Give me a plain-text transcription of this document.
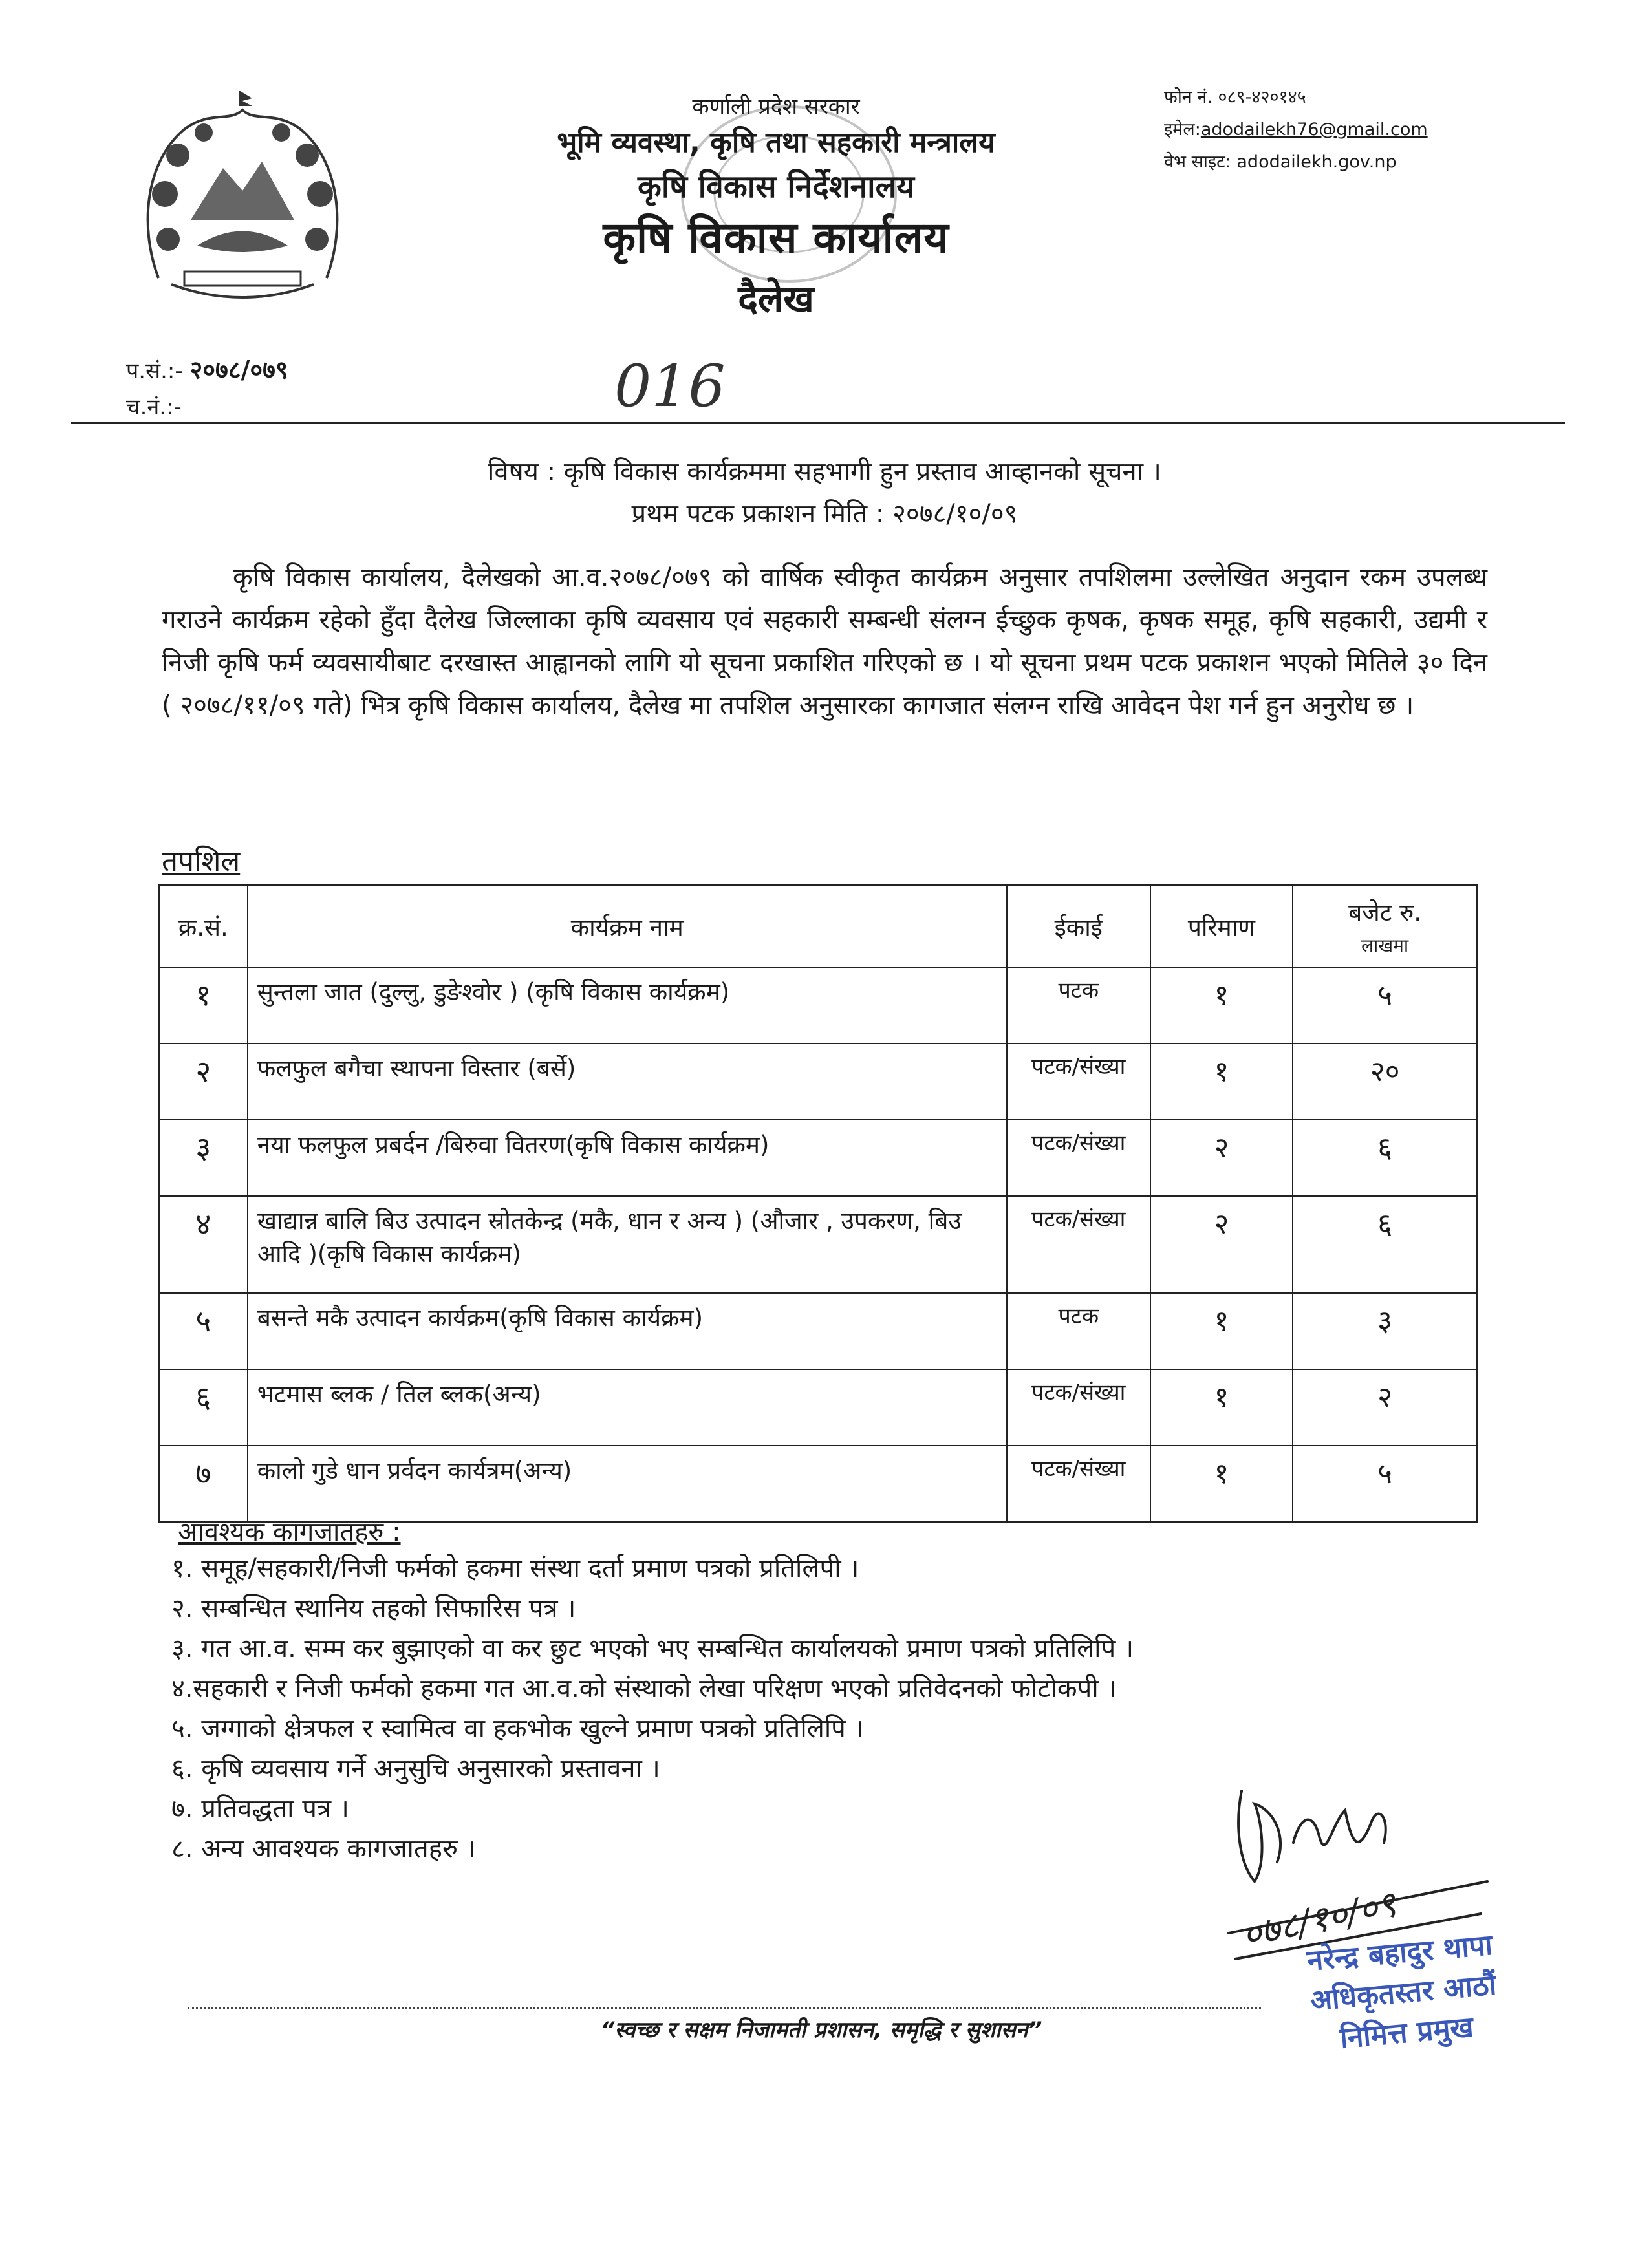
कर्णाली प्रदेश सरकार
भूमि व्यवस्था, कृषि तथा सहकारी मन्त्रालय
कृषि विकास निर्देशनालय
कृषि विकास कार्यालय
दैलेख
फोन नं. ०८९-४२०१४५
इमेल:adodailekh76@gmail.com
वेभ साइट: adodailekh.gov.np
प.सं.:- २०७८/०७९
च.नं.:-	016
विषय : कृषि विकास कार्यक्रममा सहभागी हुन प्रस्ताव आव्हानको सूचना ।
प्रथम पटक प्रकाशन मिति : २०७८/१०/०९
कृषि विकास कार्यालय, दैलेखको आ.व.२०७८/०७९ को वार्षिक स्वीकृत कार्यक्रम अनुसार तपशिलमा उल्लेखित अनुदान रकम उपलब्ध गराउने कार्यक्रम रहेको हुँदा दैलेख जिल्लाका कृषि व्यवसाय एवं सहकारी सम्बन्धी संलग्न ईच्छुक कृषक, कृषक समूह, कृषि सहकारी, उद्यमी र निजी कृषि फर्म व्यवसायीबाट दरखास्त आह्वानको लागि यो सूचना प्रकाशित गरिएको छ । यो सूचना प्रथम पटक प्रकाशन भएको मितिले ३० दिन ( २०७८/११/०९ गते) भित्र कृषि विकास कार्यालय, दैलेख मा तपशिल अनुसारका कागजात संलग्न राखि आवेदन पेश गर्न हुन अनुरोध छ ।
तपशिल
क्र.सं.	कार्यक्रम नाम	ईकाई	परिमाण	बजेट रु.
लाखमा

१	सुन्तला जात (दुल्लु, डुङेश्वोर ) (कृषि विकास कार्यक्रम)	पटक	१	५
२	फलफुल बगैचा स्थापना विस्तार (बर्से)	पटक/संख्या	१	२०
३	नया फलफुल प्रबर्दन /बिरुवा वितरण(कृषि विकास कार्यक्रम)	पटक/संख्या	२	६
४	खाद्यान्न बालि बिउ उत्पादन स्रोतकेन्द्र (मकै, धान र अन्य ) (औजार , उपकरण, बिउ आदि )(कृषि विकास कार्यक्रम)	पटक/संख्या	२	६
५	बसन्ते मकै उत्पादन कार्यक्रम(कृषि विकास कार्यक्रम)	पटक	१	३
६	भटमास ब्लक / तिल ब्लक(अन्य)	पटक/संख्या	१	२
७	कालो गुडे धान प्रर्वदन कार्यत्रम(अन्य)	पटक/संख्या	१	५
आवश्यक कागजातहरु :
१. समूह/सहकारी/निजी फर्मको हकमा संस्था दर्ता प्रमाण पत्रको प्रतिलिपी ।
२. सम्बन्धित स्थानिय तहको सिफारिस पत्र ।
३. गत आ.व. सम्म कर बुझाएको वा कर छुट भएको भए सम्बन्धित कार्यालयको प्रमाण पत्रको प्रतिलिपि ।
४.सहकारी र निजी फर्मको हकमा गत आ.व.को संस्थाको लेखा परिक्षण भएको प्रतिवेदनको फोटोकपी ।
५. जग्गाको क्षेत्रफल र स्वामित्व वा हकभोक खुल्ने प्रमाण पत्रको प्रतिलिपि ।
६. कृषि व्यवसाय गर्ने अनुसुचि अनुसारको प्रस्तावना ।
७. प्रतिवद्धता पत्र ।
८. अन्य आवश्यक कागजातहरु ।
०७८/१०/०९
नरेन्द्र बहादुर थापा
अधिकृतस्तर आठौं
निमित्त प्रमुख
“स्वच्छ र सक्षम निजामती प्रशासन, समृद्धि र सुशासन”
